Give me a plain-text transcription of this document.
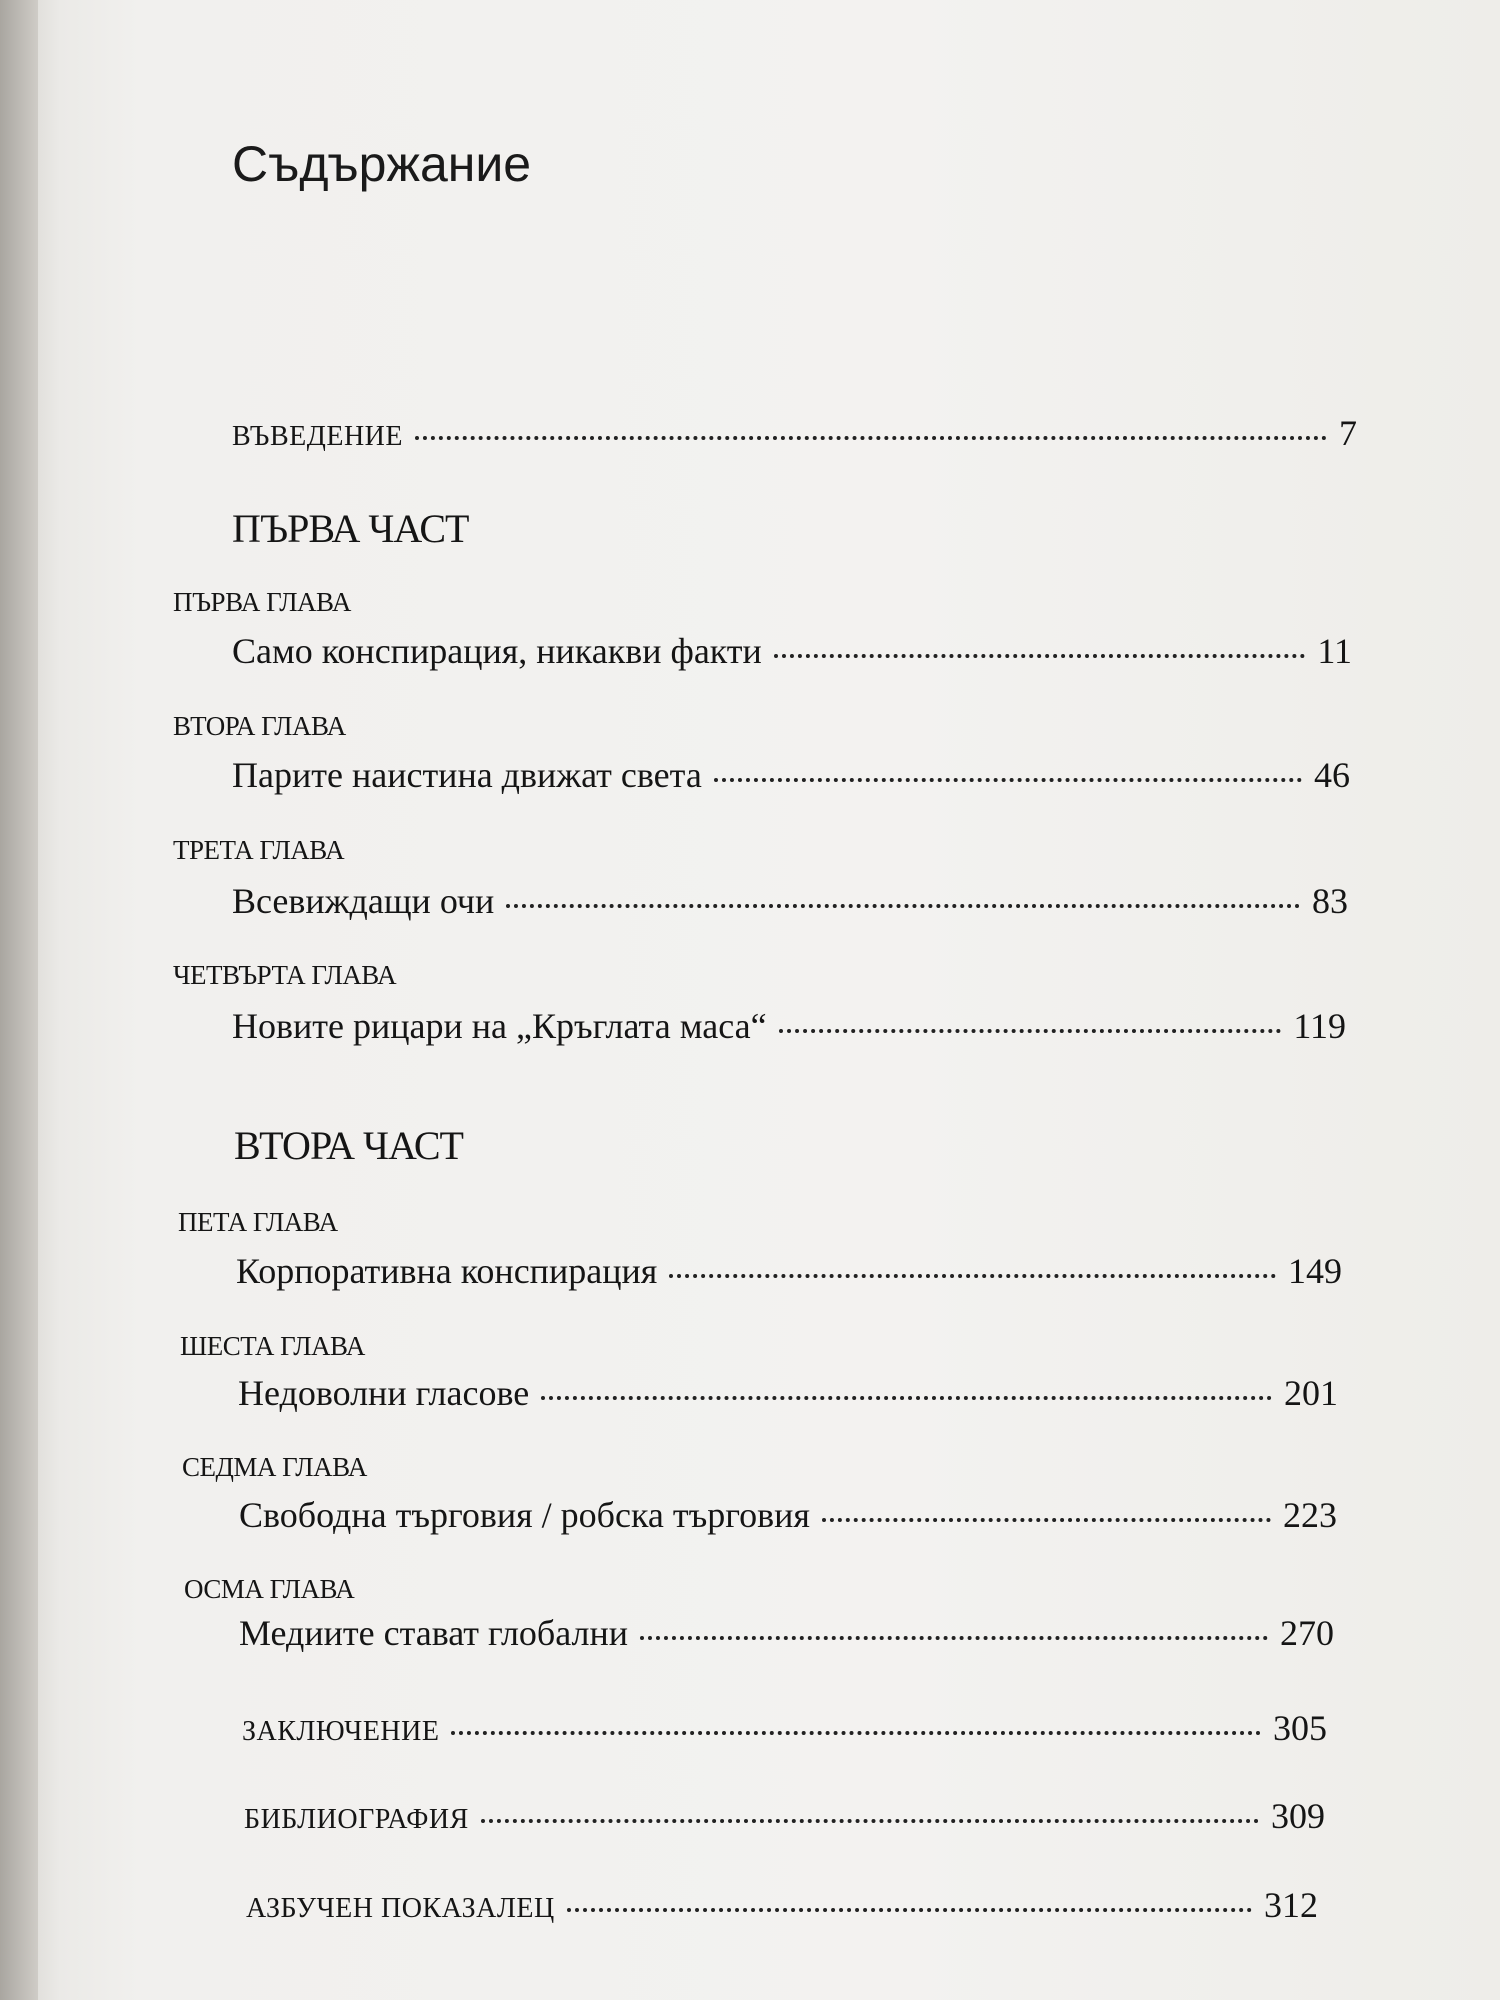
Съдържание
ВЪВЕДЕНИЕ	7
ПЪРВА ЧАСТ
ПЪРВА ГЛАВА
Само конспирация, никакви факти	11
ВТОРА ГЛАВА
Парите наистина движат света	46
ТРЕТА ГЛАВА
Всевиждащи очи	83
ЧЕТВЪРТА ГЛАВА
Новите рицари на „Кръглата маса“	119
ВТОРА ЧАСТ
ПЕТА ГЛАВА
Корпоративна конспирация	149
ШЕСТА ГЛАВА
Недоволни гласове	201
СЕДМА ГЛАВА
Свободна търговия / робска търговия	223
ОСМА ГЛАВА
Медиите стават глобални	270
ЗАКЛЮЧЕНИЕ	305
БИБЛИОГРАФИЯ	309
АЗБУЧЕН ПОКАЗАЛЕЦ	312
